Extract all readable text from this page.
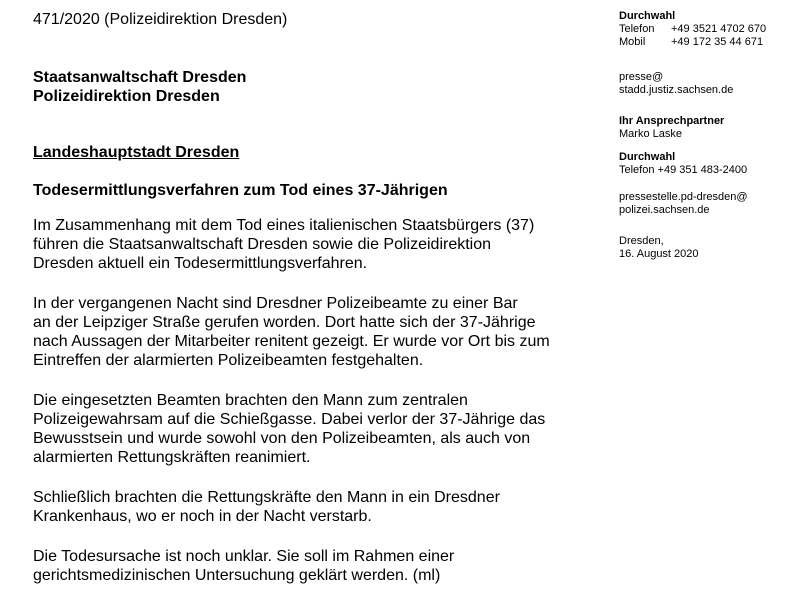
471/2020 (Polizeidirektion Dresden)
Staatsanwaltschaft Dresden
Polizeidirektion Dresden
Landeshauptstadt Dresden
Todesermittlungsverfahren zum Tod eines 37-Jährigen
Im Zusammenhang mit dem Tod eines italienischen Staatsbürgers (37)
führen die Staatsanwaltschaft Dresden sowie die Polizeidirektion
Dresden aktuell ein Todesermittlungsverfahren.
In der vergangenen Nacht sind Dresdner Polizeibeamte zu einer Bar
an der Leipziger Straße gerufen worden. Dort hatte sich der 37-Jährige
nach Aussagen der Mitarbeiter renitent gezeigt. Er wurde vor Ort bis zum
Eintreffen der alarmierten Polizeibeamten festgehalten.
Die eingesetzten Beamten brachten den Mann zum zentralen
Polizeigewahrsam auf die Schießgasse. Dabei verlor der 37-Jährige das
Bewusstsein und wurde sowohl von den Polizeibeamten, als auch von
alarmierten Rettungskräften reanimiert.
Schließlich brachten die Rettungskräfte den Mann in ein Dresdner
Krankenhaus, wo er noch in der Nacht verstarb.
Die Todesursache ist noch unklar. Sie soll im Rahmen einer
gerichtsmedizinischen Untersuchung geklärt werden. (ml)
Durchwahl
Telefon +49 3521 4702 670
Mobil +49 172 35 44 671
presse@
stadd.justiz.sachsen.de
Ihr Ansprechpartner
Marko Laske
Durchwahl
Telefon +49 351 483-2400
pressestelle.pd-dresden@
polizei.sachsen.de
Dresden,
16. August 2020
